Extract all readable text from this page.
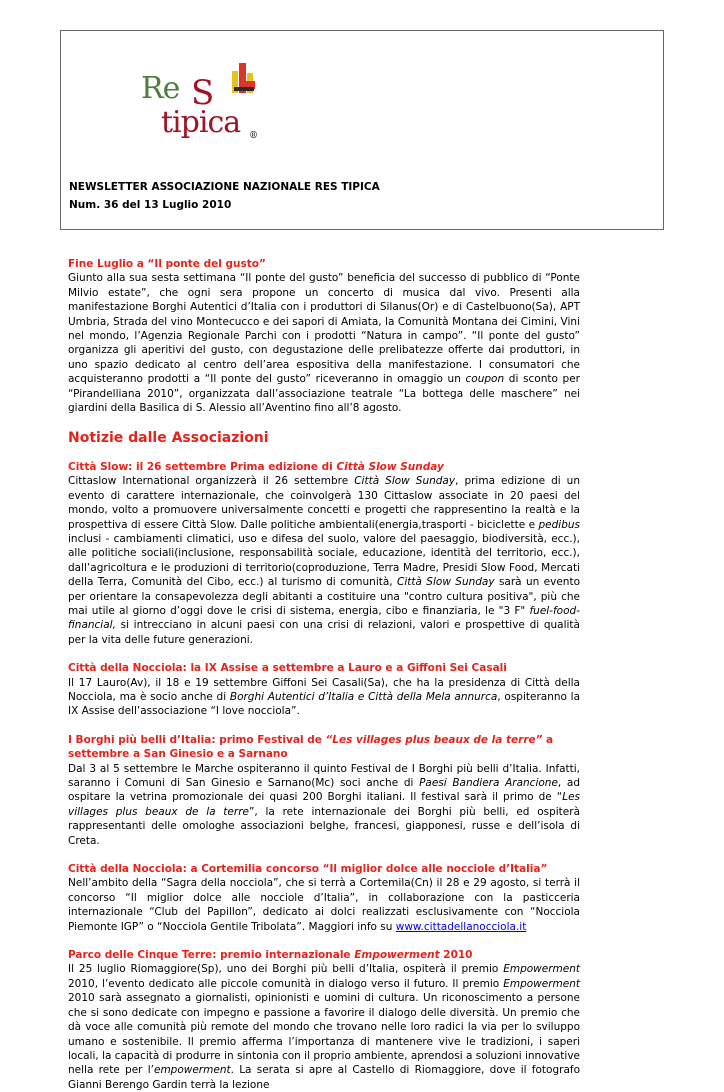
Re S
tipica ®
NEWSLETTER ASSOCIAZIONE NAZIONALE RES TIPICA
Num. 36 del 13 Luglio 2010
Fine Luglio a “Il ponte del gusto”

Giunto alla sua sesta settimana “Il ponte del gusto” beneficia del successo di pubblico di “Ponte Milvio estate”, che ogni sera propone un concerto di musica dal vivo. Presenti alla manifestazione Borghi Autentici d’Italia con i produttori di Silanus(Or) e di Castelbuono(Sa), APT Umbria, Strada del vino Montecucco e dei sapori di Amiata, la Comunità Montana dei Cimini, Vini nel mondo, l’Agenzia Regionale Parchi con i prodotti “Natura in campo”. “Il ponte del gusto” organizza gli aperitivi del gusto, con degustazione delle prelibatezze offerte dai produttori, in uno spazio dedicato al centro dell’area espositiva della manifestazione. I consumatori che acquisteranno prodotti a “Il ponte del gusto” riceveranno in omaggio un coupon di sconto per “Pirandelliana 2010”, organizzata dall’associazione teatrale “La bottega delle maschere” nei giardini della Basilica di S. Alessio all’Aventino fino all’8 agosto.

Notizie dalle Associazioni
Città Slow: il 26 settembre Prima edizione di Città Slow Sunday

Cittaslow International organizzerà il 26 settembre Città Slow Sunday, prima edizione di un evento di carattere internazionale, che coinvolgerà 130 Cittaslow associate in 20 paesi del mondo, volto a promuovere universalmente concetti e progetti che rappresentino la realtà e la prospettiva di essere Città Slow. Dalle politiche ambientali(energia,trasporti - biciclette e pedibus inclusi - cambiamenti climatici, uso e difesa del suolo, valore del paesaggio, biodiversità, ecc.), alle politiche sociali(inclusione, responsabilità sociale, educazione, identità del territorio, ecc.), dall’agricoltura e le produzioni di territorio(coproduzione, Terra Madre, Presidi Slow Food, Mercati della Terra, Comunità del Cibo, ecc.) al turismo di comunità, Città Slow Sunday sarà un evento per orientare la consapevolezza degli abitanti a costituire una "contro cultura positiva", più che mai utile al giorno d’oggi dove le crisi di sistema, energia, cibo e finanziaria, le "3 F" fuel-food-financial, si intrecciano in alcuni paesi con una crisi di relazioni, valori e prospettive di qualità per la vita delle future generazioni.

Città della Nocciola: la IX Assise a settembre a Lauro e a Giffoni Sei Casali

Il 17 Lauro(Av), il 18 e 19 settembre Giffoni Sei Casali(Sa), che ha la presidenza di Città della Nocciola, ma è socio anche di Borghi Autentici d’Italia e Città della Mela annurca, ospiteranno la IX Assise dell’associazione “I love nocciola”.

I Borghi più belli d’Italia: primo Festival de “Les villages plus beaux de la terre” a settembre a San Ginesio e a Sarnano

Dal 3 al 5 settembre le Marche ospiteranno il quinto Festival de I Borghi più belli d’Italia. Infatti, saranno i Comuni di San Ginesio e Sarnano(Mc) soci anche di Paesi Bandiera Arancione, ad ospitare la vetrina promozionale dei quasi 200 Borghi italiani. Il festival sarà il primo de “Les villages plus beaux de la terre”, la rete internazionale dei Borghi più belli, ed ospiterà rappresentanti delle omologhe associazioni belghe, francesi, giapponesi, russe e dell’isola di Creta.

Città della Nocciola: a Cortemilia concorso “Il miglior dolce alle nocciole d’Italia”

Nell’ambito della “Sagra della nocciola”, che si terrà a Cortemila(Cn) il 28 e 29 agosto, si terrà il concorso “Il miglior dolce alle nocciole d’Italia”, in collaborazione con la pasticceria internazionale “Club del Papillon”, dedicato ai dolci realizzati esclusivamente con “Nocciola Piemonte IGP” o “Nocciola Gentile Tribolata”. Maggiori info su www.cittadellanocciola.it

Parco delle Cinque Terre: premio internazionale Empowerment 2010

Il 25 luglio Riomaggiore(Sp), uno dei Borghi più belli d’Italia, ospiterà il premio Empowerment 2010, l’evento dedicato alle piccole comunità in dialogo verso il futuro. Il premio Empowerment 2010 sarà assegnato a giornalisti, opinionisti e uomini di cultura. Un riconoscimento a persone che si sono dedicate con impegno e passione a favorire il dialogo delle diversità. Un premio che dà voce alle comunità più remote del mondo che trovano nelle loro radici la via per lo sviluppo umano e sostenibile. Il premio afferma l’importanza di mantenere vive le tradizioni, i saperi locali, la capacità di produrre in sintonia con il proprio ambiente, aprendosi a soluzioni innovative nella rete per l’empowerment. La serata si apre al Castello di Riomaggiore, dove il fotografo Gianni Berengo Gardin terrà la lezione
